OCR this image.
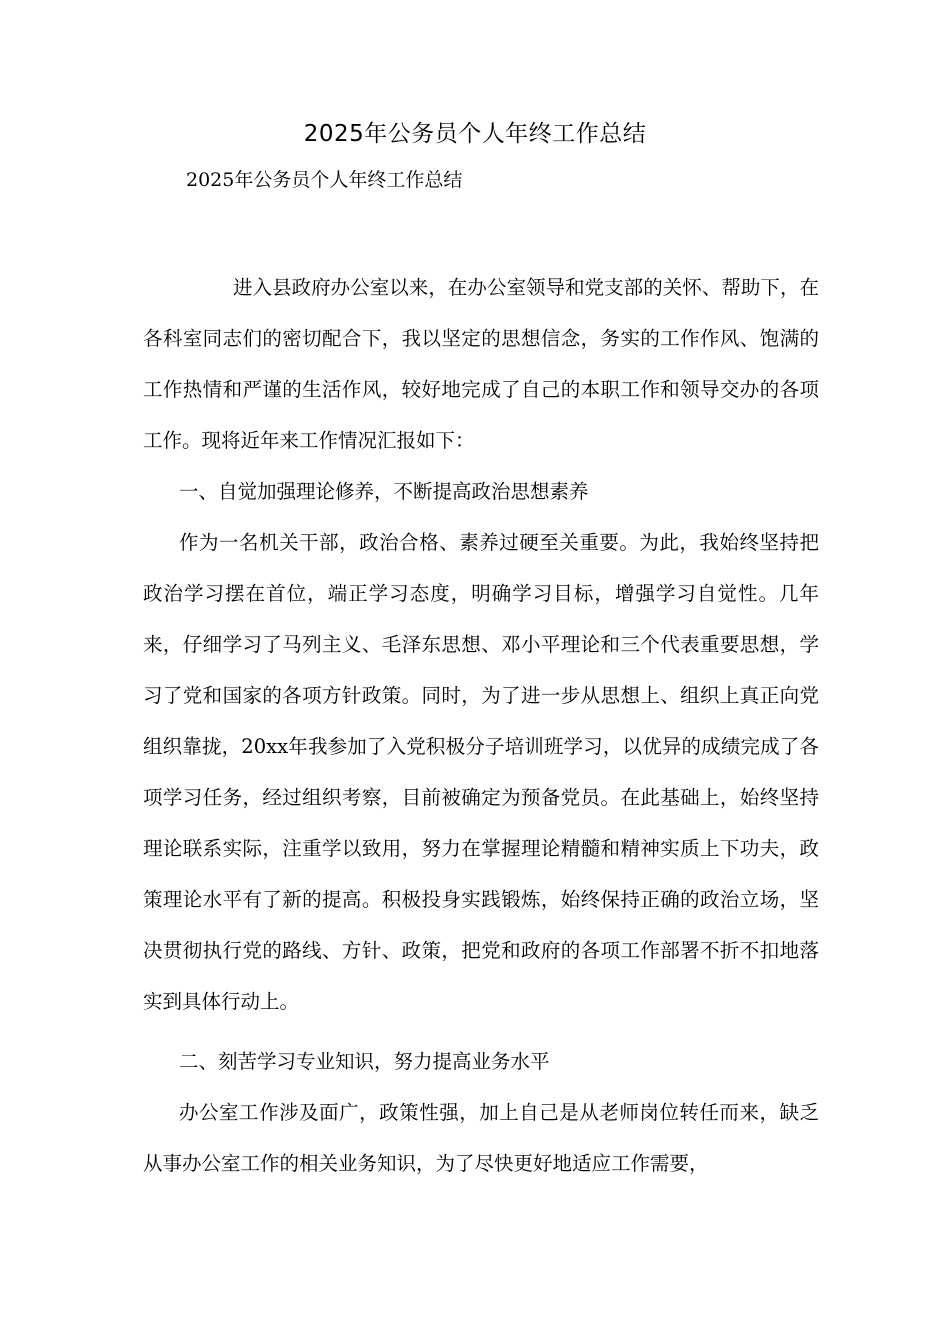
2025年公务员个人年终工作总结

2025年公务员个人年终工作总结

进入县政府办公室以来，在办公室领导和党支部的关怀、帮助下，在各科室同志们的密切配合下，我以坚定的思想信念，务实的工作作风、饱满的工作热情和严谨的生活作风，较好地完成了自己的本职工作和领导交办的各项工作。现将近年来工作情况汇报如下：

一、自觉加强理论修养，不断提高政治思想素养

作为一名机关干部，政治合格、素养过硬至关重要。为此，我始终坚持把政治学习摆在首位，端正学习态度，明确学习目标，增强学习自觉性。几年来，仔细学习了马列主义、毛泽东思想、邓小平理论和三个代表重要思想，学习了党和国家的各项方针政策。同时，为了进一步从思想上、组织上真正向党组织靠拢，20xx年我参加了入党积极分子培训班学习，以优异的成绩完成了各项学习任务，经过组织考察，目前被确定为预备党员。在此基础上，始终坚持理论联系实际，注重学以致用，努力在掌握理论精髓和精神实质上下功夫，政策理论水平有了新的提高。积极投身实践锻炼，始终保持正确的政治立场，坚决贯彻执行党的路线、方针、政策，把党和政府的各项工作部署不折不扣地落实到具体行动上。

二、刻苦学习专业知识，努力提高业务水平

办公室工作涉及面广，政策性强，加上自己是从老师岗位转任而来，缺乏从事办公室工作的相关业务知识，为了尽快更好地适应工作需要，
